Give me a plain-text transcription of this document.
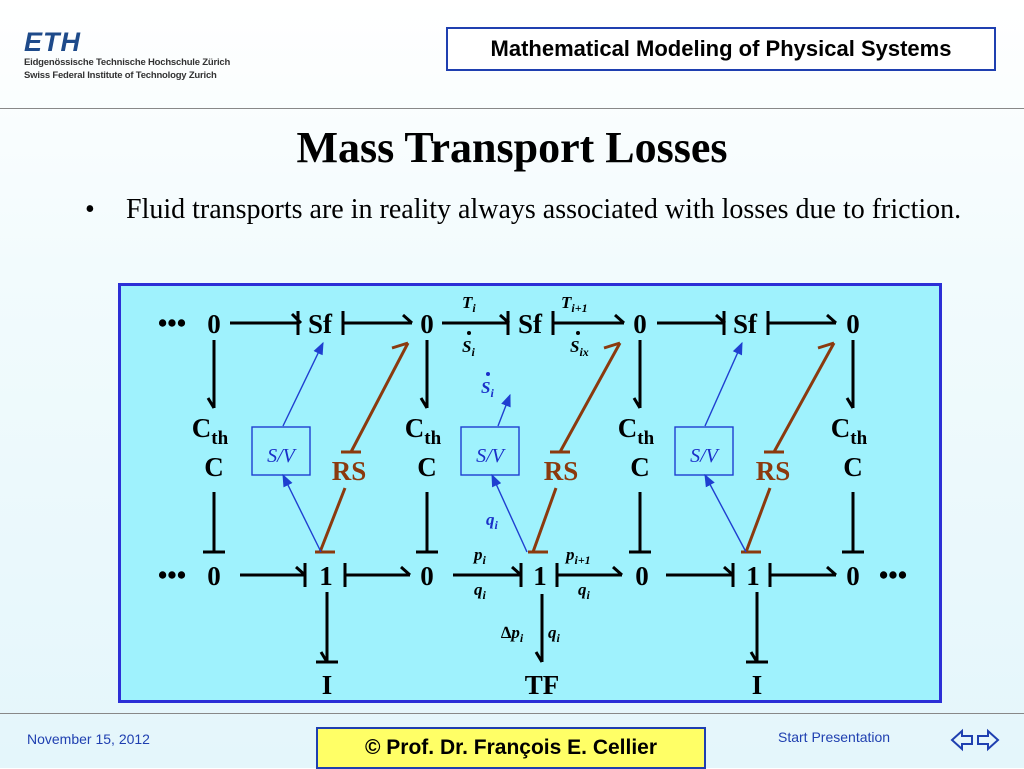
ETH
Eidgenössische Technische Hochschule Zürich
Swiss Federal Institute of Technology Zurich
Mathematical Modeling of Physical Systems
Mass Transport Losses
• Fluid transports are in reality always associated with losses due to friction.
S/V	S/V	S/V
••• 0	Sf	0	Sf	0	Sf	0
••• 0	1	0	1	0	1	0 •••
$C_{th}$	$C_{th}$	$C_{th}$	$C_{th}$
C	C	C	C
I	TF	I
RS	RS	RS
$T_i$
$S_i$
$T_{i+1}$
$S_{ix}$
$p_i$
$q_i$
$p_{i+1}$
$q_i$
$\Delta p_i$ $q_i$
$S_i$
$q_i$
November 15, 2012	© Prof. Dr. François E. Cellier	Start Presentation
